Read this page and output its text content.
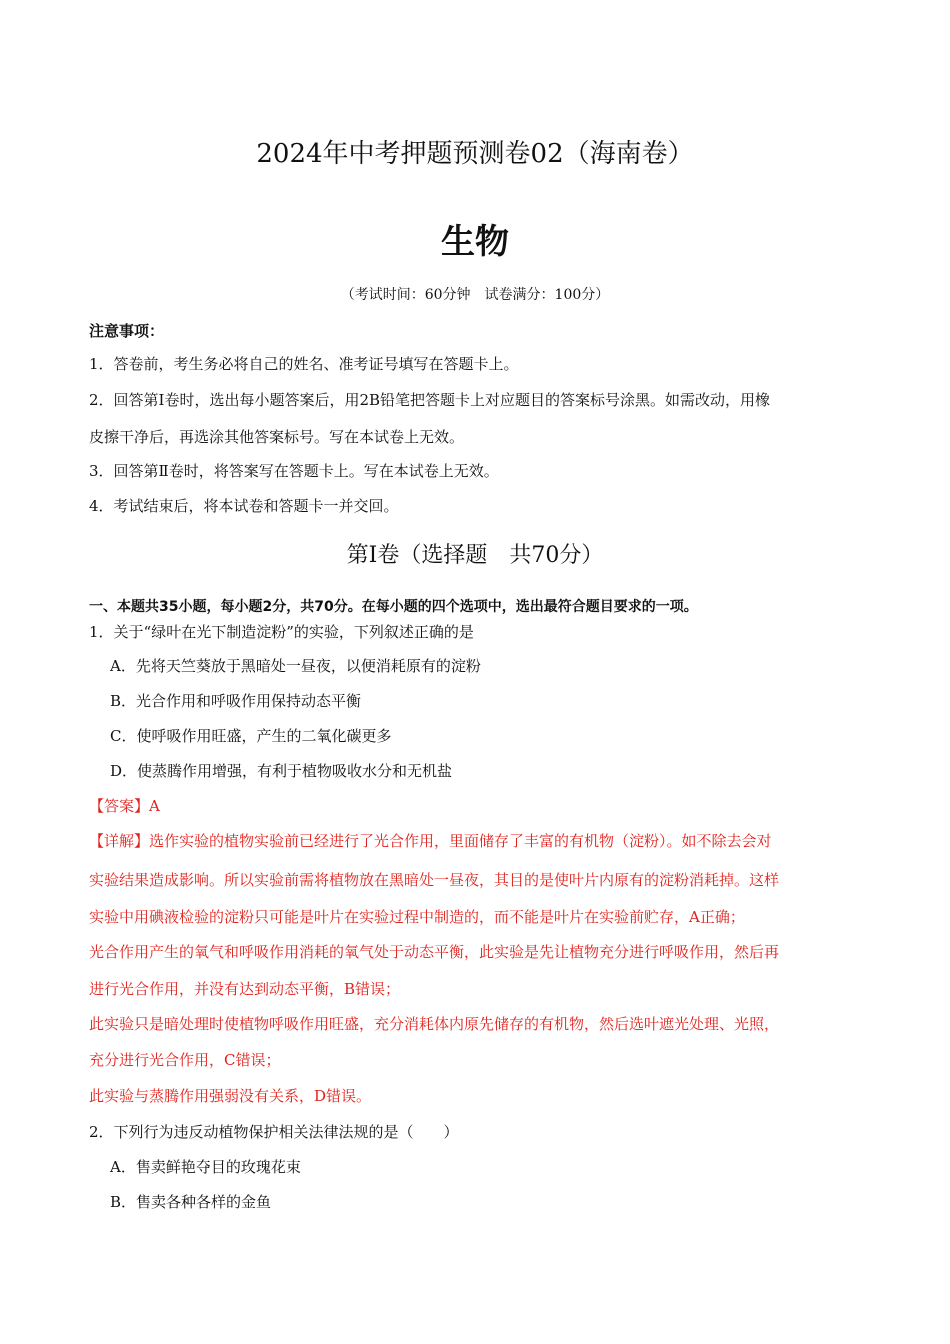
2024年中考押题预测卷02（海南卷）
生物
（考试时间：60分钟　试卷满分：100分）
注意事项：
1．答卷前，考生务必将自己的姓名、准考证号填写在答题卡上。
2．回答第Ⅰ卷时，选出每小题答案后，用2B铅笔把答题卡上对应题目的答案标号涂黑。如需改动，用橡
皮擦干净后，再选涂其他答案标号。写在本试卷上无效。
3．回答第Ⅱ卷时，将答案写在答题卡上。写在本试卷上无效。
4．考试结束后，将本试卷和答题卡一并交回。
第Ⅰ卷（选择题　共70分）
一、本题共35小题，每小题2分，共70分。在每小题的四个选项中，选出最符合题目要求的一项。
1．关于“绿叶在光下制造淀粉”的实验，下列叙述正确的是
A．先将天竺葵放于黑暗处一昼夜，以便消耗原有的淀粉
B．光合作用和呼吸作用保持动态平衡
C．使呼吸作用旺盛，产生的二氧化碳更多
D．使蒸腾作用增强，有利于植物吸收水分和无机盐
【答案】A
【详解】选作实验的植物实验前已经进行了光合作用，里面储存了丰富的有机物（淀粉）。如不除去会对
实验结果造成影响。所以实验前需将植物放在黑暗处一昼夜，其目的是使叶片内原有的淀粉消耗掉。这样
实验中用碘液检验的淀粉只可能是叶片在实验过程中制造的，而不能是叶片在实验前贮存，A正确；
光合作用产生的氧气和呼吸作用消耗的氧气处于动态平衡，此实验是先让植物充分进行呼吸作用，然后再
进行光合作用，并没有达到动态平衡，B错误；
此实验只是暗处理时使植物呼吸作用旺盛，充分消耗体内原先储存的有机物，然后选叶遮光处理、光照，
充分进行光合作用，C错误；
此实验与蒸腾作用强弱没有关系，D错误。
2．下列行为违反动植物保护相关法律法规的是（　　）
A．售卖鲜艳夺目的玫瑰花束
B．售卖各种各样的金鱼
